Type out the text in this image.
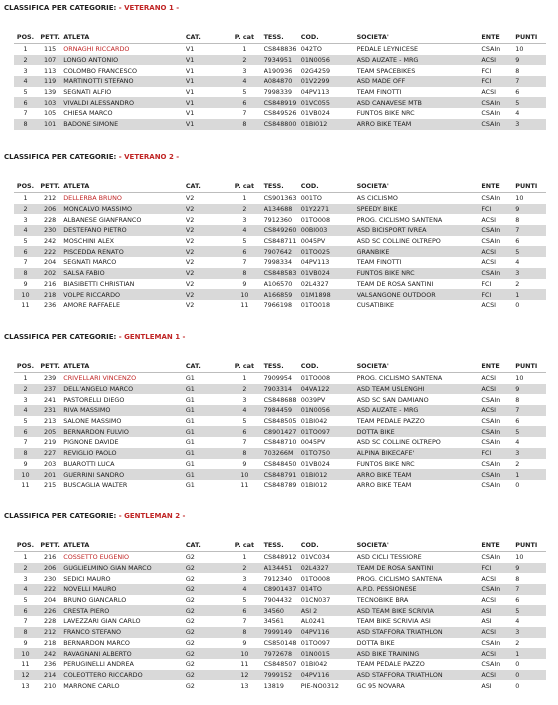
CLASSIFICA PER CATEGORIE: - VETERANO 1 -
POS.	PETT.	ATLETA	CAT.	P. cat	TESS.	COD.	SOCIETA'	ENTE	PUNTI
1	115	ORNAGHI RICCARDO	V1	1	CS848836	042TO	PEDALE LEYNICESE	CSAIn	10
2	107	LONGO ANTONIO	V1	2	7934951	01N0056	ASD AUZATE - MRG	ACSI	9
3	113	COLOMBO FRANCESCO	V1	3	A190936	02G4259	TEAM SPACEBIKES	FCI	8
4	119	MARTINOTTI STEFANO	V1	4	A084870	01V2299	ASD MADE OFF	FCI	7
5	139	SEGNATI ALFIO	V1	5	7998339	04PV113	TEAM FINOTTI	ACSI	6
6	103	VIVALDI ALESSANDRO	V1	6	CS848919	01VC055	ASD CANAVESE MTB	CSAIn	5
7	105	CHIESA MARCO	V1	7	CS849526	01VB024	FUNTOS BIKE NRC	CSAIn	4
8	101	BADONE SIMONE	V1	8	CS848800	01BI012	ARRO BIKE TEAM	CSAIn	3
CLASSIFICA PER CATEGORIE: - VETERANO 2 -
POS.	PETT.	ATLETA	CAT.	P. cat	TESS.	COD.	SOCIETA'	ENTE	PUNTI
1	212	DELLERBA BRUNO	V2	1	CS901363	001TO	AS CICLISMO	CSAIn	10
2	206	MONCALVO MASSIMO	V2	2	A134688	01Y2271	SPEEDY BIKE	FCI	9
3	228	ALBANESE GIANFRANCO	V2	3	7912360	01TO008	PROG. CICLISMO SANTENA	ACSI	8
4	230	DESTEFANO PIETRO	V2	4	CS849260	00BI003	ASD BICISPORT IVREA	CSAIn	7
5	242	MOSCHINI ALEX	V2	5	CS848711	0045PV	ASD SC COLLINE OLTREPO	CSAIn	6
6	222	PISCEDDA RENATO	V2	6	7907642	01TO025	GRANBIKE	ACSI	5
7	204	SEGNATI MARCO	V2	7	7998334	04PV113	TEAM FINOTTI	ACSI	4
8	202	SALSA FABIO	V2	8	CS848583	01VB024	FUNTOS BIKE NRC	CSAIn	3
9	216	BIASIBETTI CHRISTIAN	V2	9	A106570	02L4327	TEAM DE ROSA SANTINI	FCI	2
10	218	VOLPE RICCARDO	V2	10	A166859	01M1898	VALSANGONE OUTDOOR	FCI	1
11	236	AMORE RAFFAELE	V2	11	7966198	01TO018	CUSATIBIKE	ACSI	0
CLASSIFICA PER CATEGORIE: - GENTLEMAN 1 -
POS.	PETT.	ATLETA	CAT.	P. cat	TESS.	COD.	SOCIETA'	ENTE	PUNTI
1	239	CRIVELLARI VINCENZO	G1	1	7909954	01TO008	PROG. CICLISMO SANTENA	ACSI	10
2	237	DELL'ANGELO MARCO	G1	2	7903314	04VA122	ASD TEAM USLENGHI	ACSI	9
3	241	PASTORELLI DIEGO	G1	3	CS848688	0039PV	ASD SC SAN DAMIANO	CSAIn	8
4	231	RIVA MASSIMO	G1	4	7984459	01N0056	ASD AUZATE - MRG	ACSI	7
5	213	SALONE MASSIMO	G1	5	CS848505	01BI042	TEAM PEDALE PAZZO	CSAIn	6
6	205	BERNARDON FULVIO	G1	6	C8901427	01TO097	DOTTA BIKE	CSAIn	5
7	219	PIGNONE DAVIDE	G1	7	CS848710	0045PV	ASD SC COLLINE OLTREPO	CSAIn	4
8	227	REVIGLIO PAOLO	G1	8	703266M	01TO750	ALPINA BIKECAFE'	FCI	3
9	203	BUAROTTI LUCA	G1	9	CS848450	01VB024	FUNTOS BIKE NRC	CSAIn	2
10	201	GUERRINI SANDRO	G1	10	CS848791	01BI012	ARRO BIKE TEAM	CSAIn	1
11	215	BUSCAGLIA WALTER	G1	11	CS848789	01BI012	ARRO BIKE TEAM	CSAIn	0
CLASSIFICA PER CATEGORIE: - GENTLEMAN 2 -
POS.	PETT.	ATLETA	CAT.	P. cat	TESS.	COD.	SOCIETA'	ENTE	PUNTI
1	216	COSSETTO EUGENIO	G2	1	CS848912	01VC034	ASD CICLI TESSIORE	CSAIn	10
2	206	GUGLIELMINO GIAN MARCO	G2	2	A134451	02L4327	TEAM DE ROSA SANTINI	FCI	9
3	230	SEDICI MAURO	G2	3	7912340	01TO008	PROG. CICLISMO SANTENA	ACSI	8
4	222	NOVELLI MAURO	G2	4	C8901437	014TO	A.P.D. PESSIONESE	CSAIn	7
5	204	BRUNO GIANCARLO	G2	5	7904432	01CN037	TECNOBIKE BRA	ACSI	6
6	226	CRESTA PIERO	G2	6	34560	ASI 2	ASD TEAM BIKE SCRIVIA	ASI	5
7	228	LAVEZZARI GIAN CARLO	G2	7	34561	AL0241	TEAM BIKE SCRIVIA ASI	ASI	4
8	212	FRANCO STEFANO	G2	8	7999149	04PV116	ASD STAFFORA TRIATHLON	ACSI	3
9	218	BERNARDON MARCO	G2	9	CS850148	01TO097	DOTTA BIKE	CSAIn	2
10	242	RAVAGNANI ALBERTO	G2	10	7972678	01N0015	ASD BIKE TRAINING	ACSI	1
11	236	PERUGINELLI ANDREA	G2	11	CS848507	01BI042	TEAM PEDALE PAZZO	CSAIn	0
12	214	COLEOTTERO RICCARDO	G2	12	7999152	04PV116	ASD STAFFORA TRIATHLON	ACSI	0
13	210	MARRONE CARLO	G2	13	13819	PIE-NO0312	GC 95 NOVARA	ASI	0
